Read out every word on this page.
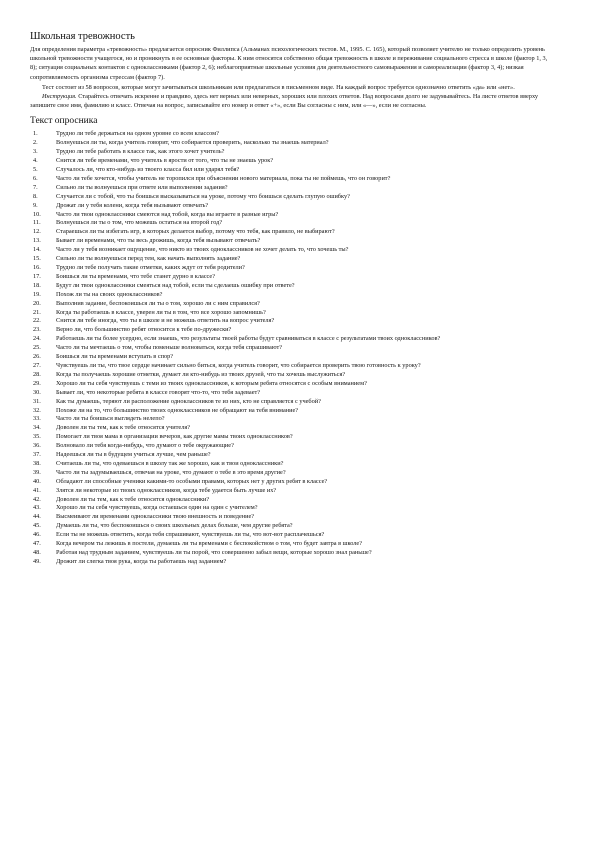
Школьная тревожность

Для определения параметра «тревожность» предлагается опросник Филлипса (Альманах психологических тестов. М., 1995. С. 165), который позволяет учителю не только определить уровень школьной тревожности учащегося, но и проникнуть в ее основные факторы. К ним относятся собственно общая тревожность в школе и переживание социального стресса в школе (фактор 1, 3, 8); ситуация социальных контактов с одноклассниками (фактор 2, 6); неблагоприятные школьные условия для деятельностного самовыражения и самореализации (фактор 3, 4); низкая сопротивляемость организма стрессам (фактор 7).

Тест состоит из 58 вопросов, которые могут зачитываться школьникам или предлагаться в письменном виде. На каждый вопрос требуется однозначно ответить «да» или «нет».

Инструкция. Старайтесь отвечать искренне и правдиво, здесь нет верных или неверных, хороших или плохих ответов. Над вопросами долго не задумывайтесь. На листе ответов вверху запишите свое имя, фамилию и класс. Отвечая на вопрос, записывайте его номер и ответ «+», если Вы согласны с ним, или «—», если не согласны.

Текст опросника
1.	Трудно ли тебе держаться на одном уровне со всем классом?
2.	Волнуешься ли ты, когда учитель говорит, что собирается проверить, насколько ты знаешь материал?
3.	Трудно ли тебе работать в классе так, как этого хочет учитель?
4.	Снится ли тебе временами, что учитель в ярости от того, что ты не знаешь урок?
5.	Случалось ли, что кто-нибудь из твоего класса бил или ударял тебя?
6.	Часто ли тебе хочется, чтобы учитель не торопился при объяснении нового материала, пока ты не поймешь, что он говорит?
7.	Сильно ли ты волнуешься при ответе или выполнении задания?
8.	Случается ли с тобой, что ты боишься высказываться на уроке, потому что боишься сделать глупую ошибку?
9.	Дрожат ли у тебя колени, когда тебя вызывают отвечать?
10.	Часто ли твои одноклассники смеются над тобой, когда вы играете в разные игры?
11.	Волнуешься ли ты о том, что можешь остаться на второй год?
12.	Стараешься ли ты избегать игр, в которых делается выбор, потому что тебя, как правило, не выбирают?
13.	Бывает ли временами, что ты весь дрожишь, когда тебя вызывают отвечать?
14.	Часто ли у тебя возникает ощущение, что никто из твоих одноклассников не хочет делать то, что хочешь ты?
15.	Сильно ли ты волнуешься перед тем, как начать выполнять задание?
16.	Трудно ли тебе получать такие отметки, каких ждут от тебя родители?
17.	Боишься ли ты временами, что тебе станет дурно в классе?
18.	Будут ли твои одноклассники смеяться над тобой, если ты сделаешь ошибку при ответе?
19.	Похож ли ты на своих одноклассников?
20.	Выполнив задание, беспокоишься ли ты о том, хорошо ли с ним справился?
21.	Когда ты работаешь в классе, уверен ли ты в том, что все хорошо запомнишь?
22.	Снится ли тебе иногда, что ты в школе и не можешь ответить на вопрос учителя?
23.	Верно ли, что большинство ребят относится к тебе по-дружески?
24.	Работаешь ли ты более усердно, если знаешь, что результаты твоей работы будут сравниваться в классе с результатами твоих одноклассников?
25.	Часто ли ты мечтаешь о том, чтобы поменьше волноваться, когда тебя спрашивают?
26.	Боишься ли ты временами вступать в спор?
27.	Чувствуешь ли ты, что твое сердце начинает сильно биться, когда учитель говорит, что собирается проверить твою готовность к уроку?
28.	Когда ты получаешь хорошие отметки, думает ли кто-нибудь из твоих друзей, что ты хочешь выслужиться?
29.	Хорошо ли ты себя чувствуешь с теми из твоих одноклассников, к которым ребята относятся с особым вниманием?
30.	Бывает ли, что некоторые ребята в классе говорят что-то, что тебя задевает?
31.	Как ты думаешь, теряют ли расположение одноклассников те из них, кто не справляется с учебой?
32.	Похоже ли на то, что большинство твоих одноклассников не обращают на тебя внимание?
33.	Часто ли ты боишься выглядеть нелепо?
34.	Доволен ли ты тем, как к тебе относятся учителя?
35.	Помогает ли твоя мама в организации вечеров, как другие мамы твоих одноклассников?
36.	Волновало ли тебя когда-нибудь, что думают о тебе окружающие?
37.	Надеешься ли ты в будущем учиться лучше, чем раньше?
38.	Считаешь ли ты, что одеваешься в школу так же хорошо, как и твои одноклассники?
39.	Часто ли ты задумываешься, отвечая на уроке, что думают о тебе в это время другие?
40.	Обладают ли способные ученики какими-то особыми правами, которых нет у других ребят в классе?
41.	Злятся ли некоторые из твоих одноклассников, когда тебе удается быть лучше их?
42.	Доволен ли ты тем, как к тебе относятся одноклассники?
43.	Хорошо ли ты себя чувствуешь, когда остаешься один на один с учителем?
44.	Высмеивают ли временами одноклассники твою внешность и поведение?
45.	Думаешь ли ты, что беспокоишься о своих школьных делах больше, чем другие ребята?
46.	Если ты не можешь ответить, когда тебя спрашивают, чувствуешь ли ты, что вот-вот расплачешься?
47.	Когда вечером ты лежишь в постели, думаешь ли ты временами с беспокойством о том, что будет завтра в школе?
48.	Работая над трудным заданием, чувствуешь ли ты порой, что совершенно забыл вещи, которые хорошо знал раньше?
49.	Дрожит ли слегка твоя рука, когда ты работаешь над заданием?
